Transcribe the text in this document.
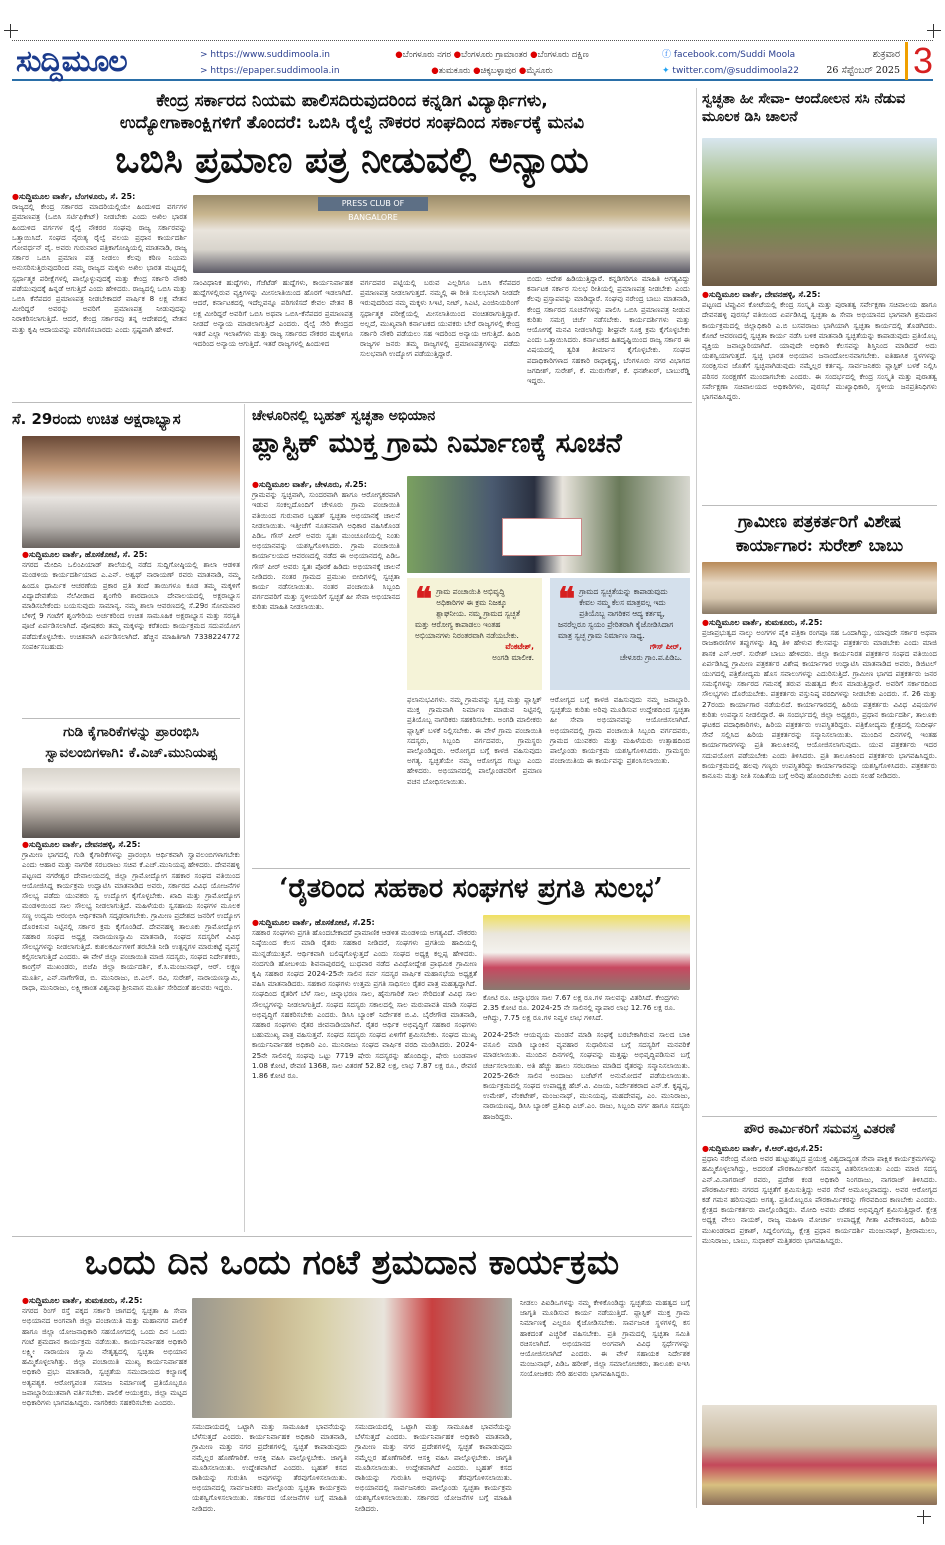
ಸುದ್ದಿಮೂಲ	> https://www.suddimoola.in
> https://epaper.suddimoola.in
●ಬೆಂಗಳೂರು ನಗರ ●ಬೆಂಗಳೂರು ಗ್ರಾಮಾಂತರ ●ಬೆಂಗಳೂರು ದಕ್ಷಿಣ
●ತುಮಕೂರು ●ಚಿಕ್ಕಬಳ್ಳಾಪುರ ●ಮೈಸೂರು
ⓕ facebook.com/Suddi Moola
✦ twitter.com/@suddimoola22
ಶುಕ್ರವಾರ
26 ಸೆಪ್ಟೆಂಬರ್ 2025 3
ಕೇಂದ್ರ ಸರ್ಕಾರದ ನಿಯಮ ಪಾಲಿಸದಿರುವುದರಿಂದ ಕನ್ನಡಿಗ ವಿದ್ಯಾರ್ಥಿಗಳು,
ಉದ್ಯೋಗಾಕಾಂಕ್ಷಿಗಳಿಗೆ ತೊಂದರೆ: ಒಬಿಸಿ ರೈಲ್ವೆ ನೌಕರರ ಸಂಘದಿಂದ ಸರ್ಕಾರಕ್ಕೆ ಮನವಿ
ಒಬಿಸಿ ಪ್ರಮಾಣ ಪತ್ರ ನೀಡುವಲ್ಲಿ ಅನ್ಯಾಯ
●ಸುದ್ದಿಮೂಲ ವಾರ್ತೆ, ಬೆಂಗಳೂರು, ಸೆ. 25:
ರಾಜ್ಯದಲ್ಲಿ ಕೇಂದ್ರ ಸರ್ಕಾರದ ಮಾದರಿಯಲ್ಲಿಯೇ ಹಿಂದುಳಿದ ವರ್ಗಗಳ ಪ್ರಮಾಣಪತ್ರ (ಒಬಿಸಿ ಸರ್ಟಿಫಿಕೇಟ್) ನೀಡಬೇಕು ಎಂದು ಅಖಿಲ ಭಾರತ ಹಿಂದುಳಿದ ವರ್ಗಗಳ ರೈಲ್ವೆ ನೌಕರರ ಸಂಘವು ರಾಜ್ಯ ಸರ್ಕಾರವನ್ನು ಒತ್ತಾಯಿಸಿದೆ. ಸಂಘದ ನೈರುತ್ಯ ರೈಲ್ವೆ ವಲಯ ಪ್ರಧಾನ ಕಾರ್ಯದರ್ಶಿ ಗೋವರ್ಧನ್ ವೈ. ಅವರು ಗುರುವಾರ ಪತ್ರಿಕಾಗೋಷ್ಠಿಯಲ್ಲಿ ಮಾತನಾಡಿ, ರಾಜ್ಯ ಸರ್ಕಾರ ಒಬಿಸಿ ಪ್ರಮಾಣ ಪತ್ರ ನೀಡಲು ಕೆಲವು ಕಠಿಣ ನಿಯಮ ಅನುಸರಿಸುತ್ತಿರುವುದರಿಂದ ನಮ್ಮ ರಾಜ್ಯದ ಮಕ್ಕಳು ಅಖಿಲ ಭಾರತ ಮಟ್ಟದಲ್ಲಿ ಸ್ಪರ್ಧಾತ್ಮಕ ಪರೀಕ್ಷೆಗಳಲ್ಲಿ ಪಾಲ್ಗೊಳ್ಳುವುದಕ್ಕೆ ಮತ್ತು ಕೇಂದ್ರ ಸರ್ಕಾರಿ ನೌಕರಿ ಪಡೆಯುವುದಕ್ಕೆ ಹಿನ್ನಡೆ ಆಗುತ್ತಿದೆ ಎಂದು ಹೇಳಿದರು. ರಾಜ್ಯದಲ್ಲಿ ಒಬಿಸಿ ಮತ್ತು ಒಬಿಸಿ ಕೆನೆಪದರ ಪ್ರಮಾಣಪತ್ರ ನೀಡಬೇಕಾದರೆ ವಾರ್ಷಿಕ 8 ಲಕ್ಷ ವೇತನ ಮೀರಿದ್ದರೆ ಅವರನ್ನು ಅವರಿಗೆ ಪ್ರಮಾಣಪತ್ರ ನೀಡುವುದನ್ನು ನಿರಾಕರಿಸಲಾಗುತ್ತಿದೆ. ಆದರೆ, ಕೇಂದ್ರ ಸರ್ಕಾರವು ತನ್ನ ಆದೇಶದಲ್ಲಿ ವೇತನ ಮತ್ತು ಕೃಷಿ ಆದಾಯವನ್ನು ಪರಿಗಣಿಸಬಾರದು ಎಂದು ಸ್ಪಷ್ಟವಾಗಿ ಹೇಳಿದೆ.
PRESS CLUB OF BANGALORE
ಸಾಂವಿಧಾನಿಕ ಹುದ್ದೆಗಳು, ಗೆಜೆಟೆಡ್ ಹುದ್ದೆಗಳು, ಕಾರ್ಯನಿರ್ವಾಹಕ ಹುದ್ದೆಗಳಲ್ಲಿರುವ ವ್ಯಕ್ತಿಗಳನ್ನು ಮೀಸಲಾತಿಯಿಂದ ಹೊರಗೆ ಇಡಲಾಗಿದೆ. ಆದರೆ, ಕರ್ನಾಟಕದಲ್ಲಿ ಇದೆಲ್ಲವನ್ನೂ ಪರಿಗಣಿಸದೆ ಕೇವಲ ವೇತನ 8 ಲಕ್ಷ ಮೀರಿದ್ದರೆ ಅವರಿಗೆ ಒಬಿಸಿ ಅಥವಾ ಒಬಿಸಿ-ಕೆನೆಪದರ ಪ್ರಮಾಣಪತ್ರ ನೀಡದೆ ಅನ್ಯಾಯ ಮಾಡಲಾಗುತ್ತಿದೆ ಎಂದರು. ರೈಲ್ವೆ ಸೇರಿ ಕೇಂದ್ರದ ಇತರೆ ಎಲ್ಲಾ ಇಲಾಖೆಗಳು ಮತ್ತು ರಾಜ್ಯ ಸರ್ಕಾರದ ನೌಕರರ ಮಕ್ಕಳಿಗೂ ಇದರಿಂದ ಅನ್ಯಾಯ ಆಗುತ್ತಿದೆ. ಇತರೆ ರಾಜ್ಯಗಳಲ್ಲಿ ಹಿಂದುಳಿದ
ವರ್ಗದವರ ಪಟ್ಟಿಯಲ್ಲಿ ಬರುವ ಎಲ್ಲರಿಗೂ ಒಬಿಸಿ ಕೆನೆಪದರ ಪ್ರಮಾಣಪತ್ರ ನೀಡಲಾಗುತ್ತದೆ. ನಮ್ಮಲ್ಲಿ ಈ ರೀತಿ ಸುಲಭವಾಗಿ ನೀಡದೇ ಇರುವುದರಿಂದ ನಮ್ಮ ಮಕ್ಕಳು ಸಿಇಟಿ, ನೀಟ್, ಸಿಎಟಿ, ಎಂಜಿನಿಯರಿಂಗ್ ಸ್ಪರ್ಧಾತ್ಮಕ ಪರೀಕ್ಷೆಯಲ್ಲಿ ಮೀಸಲಾತಿಯಿಂದ ವಂಚಿತರಾಗುತ್ತಿದ್ದಾರೆ. ಅಲ್ಲದೆ, ಮುಖ್ಯವಾಗಿ ಕರ್ನಾಟಕದ ಯುವಕರು ಬೇರೆ ರಾಜ್ಯಗಳಲ್ಲಿ ಕೇಂದ್ರ ಸರ್ಕಾರಿ ನೌಕರಿ ಪಡೆಯಲು ಸಹ ಇದರಿಂದ ಅನ್ಯಾಯ ಆಗುತ್ತಿದೆ. ಹಿಂದಿ ರಾಜ್ಯಗಳ ಜನರು ತಮ್ಮ ರಾಜ್ಯಗಳಲ್ಲಿ ಪ್ರಮಾಣಪತ್ರಗಳನ್ನು ಪಡೆದು ಸುಲಭವಾಗಿ ಉದ್ಯೋಗ ಪಡೆಯುತ್ತಿದ್ದಾರೆ.
ಬಿಂದು ಆದೇಶ ಹಿಡಿಯುತ್ತಿದ್ದಾರೆ. ಕನ್ನಡಿಗರಿಗೂ ಮಾಹಿತಿ ಅಗತ್ಯವಿದ್ದು ಕರ್ನಾಟಕ ಸರ್ಕಾರ ಸುಲಭ ರೀತಿಯಲ್ಲಿ ಪ್ರಮಾಣಪತ್ರ ನೀಡಬೇಕು ಎಂದು ಕೆಲವು ಪ್ರಸ್ತಾಪವನ್ನು ಮಾಡಿದ್ದಾರೆ. ಸಂಘವು ನರೇಂದ್ರ ಬಾಬು ಮಾತನಾಡಿ, ಕೇಂದ್ರ ಸರ್ಕಾರದ ಸೂಚನೆಗಳನ್ನು ಪಾಲಿಸಿ ಒಬಿಸಿ ಪ್ರಮಾಣಪತ್ರ ನೀಡುವ ಕುರಿತು ಸಮಗ್ರ ಚರ್ಚೆ ನಡೆಸಬೇಕು. ಕಾರ್ಯದರ್ಶಿಗಳು ಮತ್ತು ಆಯೋಗಕ್ಕೆ ಮನವಿ ನೀಡಲಾಗಿದ್ದು ಶೀಘ್ರವೇ ಸೂಕ್ತ ಕ್ರಮ ಕೈಗೊಳ್ಳಬೇಕು ಎಂದು ಒತ್ತಾಯಿಸಿದರು. ಕರ್ನಾಟಕದ ಹಿತದೃಷ್ಟಿಯಿಂದ ರಾಜ್ಯ ಸರ್ಕಾರ ಈ ವಿಷಯದಲ್ಲಿ ತ್ವರಿತ ತೀರ್ಮಾನ ಕೈಗೊಳ್ಳಬೇಕು. ಸಂಘದ ಪದಾಧಿಕಾರಿಗಳಾದ ಸಹಕಾರಿ ರಾಧಾಕೃಷ್ಣ, ಬೆಂಗಳೂರು ನಗರ ವಿಭಾಗದ ಜಗದೀಶ್, ಸುರೇಶ್, ಕೆ. ಮುರುಗೇಶ್, ಕೆ. ಧನಶೇಖರ್, ಬಾಬುರೆಡ್ಡಿ ಇದ್ದರು.
ಸ್ವಚ್ಛತಾ ಹೀ ಸೇವಾ- ಆಂದೋಲನ ಸಸಿ ನೆಡುವ ಮೂಲಕ ಡಿಸಿ ಚಾಲನೆ
●ಸುದ್ದಿಮೂಲ ವಾರ್ತೆ, ದೇವನಹಳ್ಳಿ, ಸೆ.25:
ಪಟ್ಟಣದ ಟಿಪ್ಪುವಿನ ಕೋಟೆಯಲ್ಲಿ ಕೇಂದ್ರ ಸಂಸ್ಕೃತಿ ಮತ್ತು ಪುರಾತತ್ವ ಸರ್ವೇಕ್ಷಣಾ ಸಚಿವಾಲಯ ಹಾಗೂ ದೇವನಹಳ್ಳಿ ಪುರಸಭೆ ವತಿಯಿಂದ ಏರ್ಪಡಿಸಿದ್ದ ಸ್ವಚ್ಛತಾ ಹಿ ಸೇವಾ ಅಭಿಯಾನದ ಭಾಗವಾಗಿ ಶ್ರಮದಾನ ಕಾರ್ಯಕ್ರಮದಲ್ಲಿ ಜಿಲ್ಲಾಧಿಕಾರಿ ಎ.ಬಿ ಬಸವರಾಜು ಭಾಗಿಯಾಗಿ ಸ್ವಚ್ಛತಾ ಕಾರ್ಯದಲ್ಲಿ ತೊಡಗಿದರು. ಕೋಟೆ ಆವರಣದಲ್ಲಿ ಸ್ವಚ್ಛತಾ ಕಾರ್ಯ ನಡೆಸಿ ಬಳಿಕ ಮಾತನಾಡಿ ಸ್ವಚ್ಛತೆಯನ್ನು ಕಾಪಾಡುವುದು ಪ್ರತಿಯೊಬ್ಬ ವ್ಯಕ್ತಿಯ ಜವಾಬ್ದಾರಿಯಾಗಿದೆ. ಯಾವುದೇ ಅಧಿಕಾರಿ ಕೆಲಸವನ್ನು ಶಿಸ್ತಿನಿಂದ ಮಾಡಿದರೆ ಅದು ಯಶಸ್ವಿಯಾಗುತ್ತದೆ. ಸ್ವಚ್ಛ ಭಾರತ ಅಭಿಯಾನ ಜನಾಂದೋಲನವಾಗಬೇಕು. ಐತಿಹಾಸಿಕ ಸ್ಥಳಗಳನ್ನು ಸಂರಕ್ಷಿಸುವ ಜೊತೆಗೆ ಸ್ವಚ್ಛವಾಗಿಡುವುದು ನಮ್ಮೆಲ್ಲರ ಕರ್ತವ್ಯ. ಸಾರ್ವಜನಿಕರು ಪ್ಲಾಸ್ಟಿಕ್ ಬಳಕೆ ನಿಲ್ಲಿಸಿ ಪರಿಸರ ಸಂರಕ್ಷಣೆಗೆ ಮುಂದಾಗಬೇಕು ಎಂದರು. ಈ ಸಂದರ್ಭದಲ್ಲಿ ಕೇಂದ್ರ ಸಂಸ್ಕೃತಿ ಮತ್ತು ಪುರಾತತ್ವ ಸರ್ವೇಕ್ಷಣಾ ಸಚಿವಾಲಯದ ಅಧಿಕಾರಿಗಳು, ಪುರಸಭೆ ಮುಖ್ಯಾಧಿಕಾರಿ, ಸ್ಥಳೀಯ ಜನಪ್ರತಿನಿಧಿಗಳು ಭಾಗವಹಿಸಿದ್ದರು.
ಗ್ರಾಮೀಣ ಪತ್ರಕರ್ತರಿಗೆ ವಿಶೇಷ ಕಾರ್ಯಾಗಾರ: ಸುರೇಶ್ ಬಾಬು
●ಸುದ್ದಿಮೂಲ ವಾರ್ತೆ, ತುಮಕೂರು, ಸೆ.25:
ಪ್ರಜಾಪ್ರಭುತ್ವದ ನಾಲ್ಕು ಅಂಗಗಳ ಪೈಕಿ ಪತ್ರಿಕಾ ರಂಗವೂ ಸಹ ಒಂದಾಗಿದ್ದು, ಯಾವುದೇ ಸರ್ಕಾರ ಅಥವಾ ರಾಜಕಾರಣಿಗಳ ತಪ್ಪುಗಳನ್ನು ತಿದ್ದಿ ತಿಳಿ ಹೇಳುವ ಕೆಲಸವನ್ನು ಪತ್ರಕರ್ತರು ಮಾಡಬೇಕು ಎಂದು ಮಾಜಿ ಶಾಸಕ ಎಸ್.ಆರ್. ಸುರೇಶ್ ಬಾಬು ಹೇಳಿದರು. ಜಿಲ್ಲಾ ಕಾರ್ಯನಿರತ ಪತ್ರಕರ್ತರ ಸಂಘದ ವತಿಯಿಂದ ಏರ್ಪಡಿಸಿದ್ದ ಗ್ರಾಮೀಣ ಪತ್ರಕರ್ತರ ವಿಶೇಷ ಕಾರ್ಯಾಗಾರ ಉದ್ಘಾಟಿಸಿ ಮಾತನಾಡಿದ ಅವರು, ಡಿಜಿಟಲ್ ಯುಗದಲ್ಲಿ ಪತ್ರಿಕೋದ್ಯಮ ಹೊಸ ಸವಾಲುಗಳನ್ನು ಎದುರಿಸುತ್ತಿದೆ. ಗ್ರಾಮೀಣ ಭಾಗದ ಪತ್ರಕರ್ತರು ಜನರ ಸಮಸ್ಯೆಗಳನ್ನು ಸರ್ಕಾರದ ಗಮನಕ್ಕೆ ತರುವ ಮಹತ್ವದ ಕೆಲಸ ಮಾಡುತ್ತಿದ್ದಾರೆ. ಅವರಿಗೆ ಸರ್ಕಾರದಿಂದ ಸೌಲಭ್ಯಗಳು ದೊರೆಯಬೇಕು. ಪತ್ರಕರ್ತರು ವಸ್ತುನಿಷ್ಠ ವರದಿಗಳನ್ನು ನೀಡಬೇಕು ಎಂದರು. ಸೆ. 26 ಮತ್ತು 27ರಂದು ಕಾರ್ಯಾಗಾರ ನಡೆಯಲಿದೆ. ಕಾರ್ಯಾಗಾರದಲ್ಲಿ ಹಿರಿಯ ಪತ್ರಕರ್ತರು ವಿವಿಧ ವಿಷಯಗಳ ಕುರಿತು ಉಪನ್ಯಾಸ ನೀಡಲಿದ್ದಾರೆ. ಈ ಸಂದರ್ಭದಲ್ಲಿ ಜಿಲ್ಲಾ ಅಧ್ಯಕ್ಷರು, ಪ್ರಧಾನ ಕಾರ್ಯದರ್ಶಿ, ತಾಲೂಕು ಘಟಕದ ಪದಾಧಿಕಾರಿಗಳು, ಹಿರಿಯ ಪತ್ರಕರ್ತರು ಉಪಸ್ಥಿತರಿದ್ದರು. ಪತ್ರಿಕೋದ್ಯಮ ಕ್ಷೇತ್ರದಲ್ಲಿ ಸುದೀರ್ಘ ಸೇವೆ ಸಲ್ಲಿಸಿದ ಹಿರಿಯ ಪತ್ರಕರ್ತರನ್ನು ಸನ್ಮಾನಿಸಲಾಯಿತು. ಮುಂದಿನ ದಿನಗಳಲ್ಲಿ ಇಂತಹ ಕಾರ್ಯಾಗಾರಗಳನ್ನು ಪ್ರತಿ ತಾಲೂಕಿನಲ್ಲಿ ಆಯೋಜಿಸಲಾಗುವುದು. ಯುವ ಪತ್ರಕರ್ತರು ಇದರ ಸದುಪಯೋಗ ಪಡೆಯಬೇಕು ಎಂದು ತಿಳಿಸಿದರು. ಪ್ರತಿ ತಾಲೂಕಿನಿಂದ ಪತ್ರಕರ್ತರು ಭಾಗವಹಿಸಿದ್ದರು. ಕಾರ್ಯಕ್ರಮದಲ್ಲಿ ಹಲವು ಗಣ್ಯರು ಉಪಸ್ಥಿತರಿದ್ದು ಕಾರ್ಯಾಗಾರವನ್ನು ಯಶಸ್ವಿಗೊಳಿಸಿದರು. ಪತ್ರಕರ್ತರು ಕಾನೂನು ಮತ್ತು ನೀತಿ ಸಂಹಿತೆಯ ಬಗ್ಗೆ ಅರಿವು ಹೊಂದಿರಬೇಕು ಎಂದು ಸಲಹೆ ನೀಡಿದರು.
ಪೌರ ಕಾರ್ಮಿಕರಿಗೆ ಸಮವಸ್ತ್ರ ವಿತರಣೆ
●ಸುದ್ದಿಮೂಲ ವಾರ್ತೆ, ಕೆ.ಆರ್.ಪುರ,ಸೆ.25:
ಪ್ರಧಾನಿ ನರೇಂದ್ರ ಮೋದಿ ಅವರ ಹುಟ್ಟುಹಬ್ಬದ ಪ್ರಯುಕ್ತ ವಿಶ್ವದಾದ್ಯಂತ ಸೇವಾ ಪಾಕ್ಷಿಕ ಕಾರ್ಯಕ್ರಮಗಳನ್ನು ಹಮ್ಮಿಕೊಳ್ಳಲಾಗಿದ್ದು, ಅದರಂತೆ ಪೌರಕಾರ್ಮಿಕರಿಗೆ ಸಮವಸ್ತ್ರ ವಿತರಿಸಲಾಯಿತು ಎಂದು ಮಾಜಿ ಸದಸ್ಯ ಎನ್.ವಿ.ನಾಗರಾಜ್ ರವರು, ಪ್ರದೇಶ ಕಂಡ ಅಧಿಕಾರಿ ನಿಂಗರಾಜು, ನಾಗರಾಜ್ ತಿಳಿಸಿದರು. ಪೌರಕಾರ್ಮಿಕರು ನಗರದ ಸ್ವಚ್ಛತೆಗೆ ಶ್ರಮಿಸುತ್ತಿದ್ದು ಅವರ ಸೇವೆ ಅಮೂಲ್ಯವಾದದ್ದು. ಅವರ ಆರೋಗ್ಯದ ಕಡೆ ಗಮನ ಹರಿಸುವುದು ಅಗತ್ಯ. ಪ್ರತಿಯೊಬ್ಬರೂ ಪೌರಕಾರ್ಮಿಕರನ್ನು ಗೌರವದಿಂದ ಕಾಣಬೇಕು ಎಂದರು. ಕ್ಷೇತ್ರದ ಕಾರ್ಯಕರ್ತರು ಪಾಲ್ಗೊಂಡಿದ್ದರು. ಮೋದಿ ಅವರು ದೇಶದ ಅಭಿವೃದ್ಧಿಗೆ ಶ್ರಮಿಸುತ್ತಿದ್ದಾರೆ. ಕ್ಷೇತ್ರ ಅಧ್ಯಕ್ಷ ವೇಲು ನಾಯಕ್, ರಾಜ್ಯ ಮಹಿಳಾ ಮೋರ್ಚಾ ಉಪಾಧ್ಯಕ್ಷೆ ಗೀತಾ ವಿವೇಕಾನಂದ, ಹಿರಿಯ ಮುಖಂಡರಾದ ಪ್ರಕಾಶ್, ಸಿದ್ದಲಿಂಗಯ್ಯ, ಕ್ಷೇತ್ರ ಪ್ರಧಾನ ಕಾರ್ಯದರ್ಶಿ ಮಂಜುನಾಥ್, ಶ್ರೀರಾಮುಲು, ಮುನಿರಾಜು, ಬಾಬು, ಸುಧಾಕರ್ ಮತ್ತಿತರರು ಭಾಗವಹಿಸಿದ್ದರು.
ಸೆ. 29ರಂದು ಉಚಿತ ಅಕ್ಷರಾಭ್ಯಾಸ
●ಸುದ್ದಿಮೂಲ ವಾರ್ತೆ, ಹೊಸಕೋಟೆ, ಸೆ. 25:
ನಗರದ ಮೇದಿನಿ ಒಲಿಂಪಿಯಾಡ್ ಶಾಲೆಯಲ್ಲಿ ನಡೆದ ಸುದ್ದಿಗೋಷ್ಠಿಯಲ್ಲಿ ಶಾಲಾ ಆಡಳಿತ ಮಂಡಳಿಯ ಕಾರ್ಯದರ್ಶಿಯಾದ ಎ.ಎನ್. ಅಶ್ವಥ್ ನಾರಾಯಣ್ ರವರು ಮಾತನಾಡಿ, ನಮ್ಮ ಹಿಂದೂ ಧಾರ್ಮಿಕ ಆಚರಣೆಯ ಪ್ರಕಾರ ಪ್ರತಿ ತಂದೆ ತಾಯಿಗಳೂ ಕೂಡ ತಮ್ಮ ಮಕ್ಕಳಿಗೆ ವಿದ್ಯಾದೇವತೆಯ ನೆಲೆವೀಡಾದ ಶೃಂಗೇರಿ ಶಾರದಾಂಬಾ ದೇವಾಲಯದಲ್ಲಿ ಅಕ್ಷರಾಭ್ಯಾಸ ಮಾಡಿಸಬೇಕೆಂದು ಬಯಸುವುದು ಸಾಮಾನ್ಯ. ನಮ್ಮ ಶಾಲಾ ಆವರಣದಲ್ಲಿ ಸೆ.29ರ ಸೋಮವಾರ ಬೆಳಿಗ್ಗೆ 9 ಗಂಟೆಗೆ ಶೃಂಗೇರಿಯ ಅರ್ಚಕರಿಂದ ಉಚಿತ ಸಾಮೂಹಿಕ ಅಕ್ಷರಾಭ್ಯಾಸ ಮತ್ತು ಸರಸ್ವತಿ ಪೂಜೆ ಏರ್ಪಡಿಸಲಾಗಿದೆ. ಪೋಷಕರು ತಮ್ಮ ಮಕ್ಕಳನ್ನು ಕರೆತಂದು ಕಾರ್ಯಕ್ರಮದ ಸದುಪಯೋಗ ಪಡೆದುಕೊಳ್ಳಬೇಕು. ಉಚಿತವಾಗಿ ಏರ್ಪಡಿಸಲಾಗಿದೆ. ಹೆಚ್ಚಿನ ಮಾಹಿತಿಗಾಗಿ 7338224772 ಸಂಪರ್ಕಿಸಬಹುದು
ಗುಡಿ ಕೈಗಾರಿಕೆಗಳನ್ನು ಪ್ರಾರಂಭಿಸಿ ಸ್ವಾವಲಂಬಿಗಳಾಗಿ: ಕೆ.ಎಚ್.ಮುನಿಯಪ್ಪ
●ಸುದ್ದಿಮೂಲ ವಾರ್ತೆ, ದೇವನಹಳ್ಳಿ, ಸೆ.25:
ಗ್ರಾಮೀಣ ಭಾಗದಲ್ಲಿ ಗುಡಿ ಕೈಗಾರಿಕೆಗಳನ್ನು ಪ್ರಾರಂಭಿಸಿ ಆರ್ಥಿಕವಾಗಿ ಸ್ವಾವಲಂಬಿಗಳಾಗಬೇಕು ಎಂದು ಆಹಾರ ಮತ್ತು ನಾಗರಿಕ ಸರಬರಾಜು ಸಚಿವ ಕೆ.ಎಚ್.ಮುನಿಯಪ್ಪ ಹೇಳಿದರು. ದೇವನಹಳ್ಳಿ ಪಟ್ಟಣದ ನಗರೇಶ್ವರ ದೇವಾಲಯದಲ್ಲಿ ಜಿಲ್ಲಾ ಗ್ರಾಮೋದ್ಯೋಗ ಸಹಕಾರ ಸಂಘದ ವತಿಯಿಂದ ಆಯೋಜಿಸಿದ್ದ ಕಾರ್ಯಕ್ರಮ ಉದ್ಘಾಟಿಸಿ ಮಾತನಾಡಿದ ಅವರು, ಸರ್ಕಾರದ ವಿವಿಧ ಯೋಜನೆಗಳ ಸೌಲಭ್ಯ ಪಡೆದು ಯುವಕರು ಸ್ವ ಉದ್ಯೋಗ ಕೈಗೊಳ್ಳಬೇಕು. ಖಾದಿ ಮತ್ತು ಗ್ರಾಮೋದ್ಯೋಗ ಮಂಡಳಿಯಿಂದ ಸಾಲ ಸೌಲಭ್ಯ ನೀಡಲಾಗುತ್ತಿದೆ. ಮಹಿಳೆಯರು ಸ್ವಸಹಾಯ ಸಂಘಗಳ ಮೂಲಕ ಸಣ್ಣ ಉದ್ಯಮ ಆರಂಭಿಸಿ ಆರ್ಥಿಕವಾಗಿ ಸದೃಢರಾಗಬೇಕು. ಗ್ರಾಮೀಣ ಪ್ರದೇಶದ ಜನರಿಗೆ ಉದ್ಯೋಗ ದೊರಕಿಸುವ ನಿಟ್ಟಿನಲ್ಲಿ ಸರ್ಕಾರ ಕ್ರಮ ಕೈಗೊಂಡಿದೆ. ದೇವನಹಳ್ಳಿ ತಾಲೂಕು ಗ್ರಾಮೋದ್ಯೋಗ ಸಹಕಾರ ಸಂಘದ ಅಧ್ಯಕ್ಷ ನಾರಾಯಣಸ್ವಾಮಿ ಮಾತನಾಡಿ, ಸಂಘದ ಸದಸ್ಯರಿಗೆ ವಿವಿಧ ಸೌಲಭ್ಯಗಳನ್ನು ನೀಡಲಾಗುತ್ತಿದೆ. ಕುಶಲಕರ್ಮಿಗಳಿಗೆ ತರಬೇತಿ ನೀಡಿ ಉತ್ಪನ್ನಗಳ ಮಾರುಕಟ್ಟೆ ವ್ಯವಸ್ಥೆ ಕಲ್ಪಿಸಲಾಗುತ್ತಿದೆ ಎಂದರು. ಈ ವೇಳೆ ಜಿಲ್ಲಾ ಪಂಚಾಯಿತಿ ಮಾಜಿ ಸದಸ್ಯರು, ಸಂಘದ ನಿರ್ದೇಶಕರು, ಕಾಂಗ್ರೆಸ್ ಮುಖಂಡರು, ಬಿಜೆಪಿ ಜಿಲ್ಲಾ ಕಾರ್ಯದರ್ಶಿ, ಕೆ.ಸಿ.ಮಂಜುನಾಥ್, ಆರ್. ಲಕ್ಷ್ಮಣ ಮೂರ್ತಿ, ಎನ್.ನಾಗೇಗೌಡ, ಬಿ. ಮುನಿರಾಜು, ಬಿ.ಎಲ್. ರವಿ, ಸುರೇಶ್, ನಾರಾಯಣಸ್ವಾಮಿ, ರಾಧಾ, ಮುನಿರಾಜು, ಲಕ್ಷ್ಮೀಕಾಂತ ವಿಶ್ವನಾಥ ಶ್ರೀನಿವಾಸ ಮೂರ್ತಿ ಸೇರಿದಂತೆ ಹಲವರು ಇದ್ದರು.
ಚೇಳೂರಿನಲ್ಲಿ ಬೃಹತ್ ಸ್ವಚ್ಛತಾ ಅಭಿಯಾನ
ಪ್ಲಾಸ್ಟಿಕ್ ಮುಕ್ತ ಗ್ರಾಮ ನಿರ್ಮಾಣಕ್ಕೆ ಸೂಚನೆ
●ಸುದ್ದಿಮೂಲ ವಾರ್ತೆ, ಚೇಳೂರು, ಸೆ.25:
ಗ್ರಾಮವನ್ನು ಸ್ವಚ್ಛವಾಗಿ, ಸುಂದರವಾಗಿ ಹಾಗೂ ಆರೋಗ್ಯಕರವಾಗಿ ಇಡುವ ಸಂಕಲ್ಪದೊಂದಿಗೆ ಚೇಳೂರು ಗ್ರಾಮ ಪಂಚಾಯಿತಿ ವತಿಯಿಂದ ಗುರುವಾರ ಬೃಹತ್ ಸ್ವಚ್ಛತಾ ಅಭಿಯಾನಕ್ಕೆ ಚಾಲನೆ ನೀಡಲಾಯಿತು. ಇತ್ತೀಚೆಗೆ ನೂತನವಾಗಿ ಅಧಿಕಾರ ವಹಿಸಿಕೊಂಡ ಪಿಡಿಒ ಗೌಸ್ ಪೀರ್ ಅವರು ಸ್ವತಃ ಮುಂಚೂಣಿಯಲ್ಲಿ ನಿಂತು ಅಭಿಯಾನವನ್ನು ಯಶಸ್ವಿಗೊಳಿಸಿದರು. ಗ್ರಾಮ ಪಂಚಾಯಿತಿ ಕಾರ್ಯಾಲಯದ ಆವರಣದಲ್ಲಿ ನಡೆದ ಈ ಅಭಿಯಾನದಲ್ಲಿ ಪಿಡಿಒ ಗೌಸ್ ಪೀರ್ ಅವರು ಸ್ವತಃ ಪೊರಕೆ ಹಿಡಿದು ಅಭಿಯಾನಕ್ಕೆ ಚಾಲನೆ ನೀಡಿದರು. ನಂತರ ಗ್ರಾಮದ ಪ್ರಮುಖ ಬೀದಿಗಳಲ್ಲಿ ಸ್ವಚ್ಛತಾ ಕಾರ್ಯ ನಡೆಸಲಾಯಿತು. ನಂತರ ಪಂಚಾಯಿತಿ ಸಿಬ್ಬಂದಿ ವರ್ಗದವರಿಗೆ ಮತ್ತು ಸ್ಥಳೀಯರಿಗೆ ಸ್ವಚ್ಛತೆ ಹೀ ಸೇವಾ ಅಭಿಯಾನದ ಕುರಿತು ಮಾಹಿತಿ ನೀಡಲಾಯಿತು.	❝ ಗ್ರಾಮ ಪಂಚಾಯಿತಿ ಅಭಿವೃದ್ಧಿ ಅಧಿಕಾರಿಗಳ ಈ ಕ್ರಮ ನಿಜಕ್ಕೂ ಶ್ಲಾಘನೀಯ. ನಮ್ಮ ಗ್ರಾಮದ ಸ್ವಚ್ಛತೆ ಮತ್ತು ಆರೋಗ್ಯ ಕಾಪಾಡಲು ಇಂತಹ ಅಭಿಯಾನಗಳು ನಿರಂತರವಾಗಿ ನಡೆಯಬೇಕು.
ವೆಂಕಟೇಶ್,
ಅಂಗಡಿ ಮಾಲೀಕ.
❝ ಗ್ರಾಮದ ಸ್ವಚ್ಛತೆಯನ್ನು ಕಾಪಾಡುವುದು ಕೇವಲ ನಮ್ಮ ಕೆಲಸ ಮಾತ್ರವಲ್ಲ ಇದು ಪ್ರತಿಯೊಬ್ಬ ನಾಗರಿಕನ ಆದ್ಯ ಕರ್ತವ್ಯ, ಜನರೆಲ್ಲರೂ ಸ್ವಯಂ ಪ್ರೇರಿತರಾಗಿ ಕೈಜೋಡಿಸಿದಾಗ ಮಾತ್ರ ಸ್ವಚ್ಛ ಗ್ರಾಮ ನಿರ್ಮಾಣ ಸಾಧ್ಯ.
ಗೌಸ್ ಪೀರ್,
ಚೇಳೂರು ಗ್ರಾಂ.ಪ.ಪಿಡಿಒ.
ಫಲಾನುಭವಿಗಳು. ನಮ್ಮ ಗ್ರಾಮವನ್ನು ಸ್ವಚ್ಛ ಮತ್ತು ಪ್ಲಾಸ್ಟಿಕ್ ಮುಕ್ತ ಗ್ರಾಮವಾಗಿ ನಿರ್ಮಾಣ ಮಾಡುವ ನಿಟ್ಟಿನಲ್ಲಿ ಪ್ರತಿಯೊಬ್ಬ ನಾಗರಿಕರು ಸಹಕರಿಸಬೇಕು. ಅಂಗಡಿ ಮಾಲೀಕರು ಪ್ಲಾಸ್ಟಿಕ್ ಬಳಕೆ ನಿಲ್ಲಿಸಬೇಕು. ಈ ವೇಳೆ ಗ್ರಾಮ ಪಂಚಾಯಿತಿ ಸದಸ್ಯರು, ಸಿಬ್ಬಂದಿ ವರ್ಗದವರು, ಗ್ರಾಮಸ್ಥರು ಪಾಲ್ಗೊಂಡಿದ್ದರು. ಆರೋಗ್ಯದ ಬಗ್ಗೆ ಕಾಳಜಿ ವಹಿಸುವುದು ಅಗತ್ಯ. ಸ್ವಚ್ಛತೆಯೇ ನಮ್ಮ ಆರೋಗ್ಯದ ಗುಟ್ಟು ಎಂದು ಹೇಳಿದರು. ಅಭಿಯಾನದಲ್ಲಿ ಪಾಲ್ಗೊಂಡವರಿಗೆ ಪ್ರಮಾಣ ವಚನ ಬೋಧಿಸಲಾಯಿತು.
ಆರೋಗ್ಯದ ಬಗ್ಗೆ ಕಾಳಜಿ ವಹಿಸುವುದು ನಮ್ಮ ಜವಾಬ್ದಾರಿ. ಸ್ವಚ್ಛತೆಯ ಕುರಿತು ಅರಿವು ಮೂಡಿಸುವ ಉದ್ದೇಶದಿಂದ ಸ್ವಚ್ಛತಾ ಹೀ ಸೇವಾ ಅಭಿಯಾನವನ್ನು ಆಯೋಜಿಸಲಾಗಿದೆ. ಅಭಿಯಾನದಲ್ಲಿ ಗ್ರಾಮ ಪಂಚಾಯಿತಿ ಸಿಬ್ಬಂದಿ ವರ್ಗದವರು, ಗ್ರಾಮದ ಯುವಕರು ಮತ್ತು ಮಹಿಳೆಯರು ಉತ್ಸಾಹದಿಂದ ಪಾಲ್ಗೊಂಡು ಕಾರ್ಯಕ್ರಮ ಯಶಸ್ವಿಗೊಳಿಸಿದರು. ಗ್ರಾಮಸ್ಥರು ಪಂಚಾಯಿತಿಯ ಈ ಕಾರ್ಯವನ್ನು ಪ್ರಶಂಸಿಸಲಾಯಿತು.
‘ರೈತರಿಂದ ಸಹಕಾರ ಸಂಘಗಳ ಪ್ರಗತಿ ಸುಲಭ’
●ಸುದ್ದಿಮೂಲ ವಾರ್ತೆ, ಹೊಸಕೋಟೆ, ಸೆ.25:
ಸಹಕಾರ ಸಂಘಗಳು ಪ್ರಗತಿ ಹೊಂದಬೇಕಾದರೆ ಪ್ರಾಮಾಣಿಕ ಆಡಳಿತ ಮಂಡಳಿಯ ಅಗತ್ಯವಿದೆ. ನೌಕರರು ನಿಷ್ಠೆಯಿಂದ ಕೆಲಸ ಮಾಡಿ ರೈತರು ಸಹಕಾರ ನೀಡಿದರೆ, ಸಂಘಗಳು ಪ್ರಗತಿಯ ಹಾದಿಯಲ್ಲಿ ಮುನ್ನಡೆಯುತ್ತವೆ. ಆರ್ಥಿಕವಾಗಿ ಬಲಿಷ್ಠಗೊಳ್ಳುತ್ತದೆ ಎಂದು ಸಂಘದ ಅಧ್ಯಕ್ಷ ಕಲ್ಲಪ್ಪ ಹೇಳಿದರು. ನಂದಗುಡಿ ಹೋಬಳಿಯ ಶಿವನಾಪುರದಲ್ಲಿ ಬುಧವಾರ ನಡೆದ ವಿವಿಧೋದ್ದೇಶ ಪ್ರಾಥಮಿಕ ಗ್ರಾಮೀಣ ಕೃಷಿ ಸಹಕಾರ ಸಂಘದ 2024-25ನೇ ಸಾಲಿನ ಸರ್ವ ಸದಸ್ಯರ ವಾರ್ಷಿಕ ಮಹಾಸಭೆಯ ಅಧ್ಯಕ್ಷತೆ ವಹಿಸಿ ಮಾತನಾಡಿದರು. ಸಹಕಾರ ಸಂಘಗಳು ಉತ್ತಮ ಪ್ರಗತಿ ಸಾಧಿಸಲು ರೈತರ ಪಾತ್ರ ಮಹತ್ವದ್ದಾಗಿದೆ. ಸಂಘದಿಂದ ರೈತರಿಗೆ ಬೆಳೆ ಸಾಲ, ಚಿನ್ನಾಭರಣ ಸಾಲ, ಹೈನುಗಾರಿಕೆ ಸಾಲ ಸೇರಿದಂತೆ ವಿವಿಧ ಸಾಲ ಸೌಲಭ್ಯಗಳನ್ನು ನೀಡಲಾಗುತ್ತಿದೆ. ಸಂಘದ ಸದಸ್ಯರು ಸಕಾಲದಲ್ಲಿ ಸಾಲ ಮರುಪಾವತಿ ಮಾಡಿ ಸಂಘದ ಅಭಿವೃದ್ಧಿಗೆ ಸಹಕರಿಸಬೇಕು ಎಂದರು. ಡಿಸಿಸಿ ಬ್ಯಾಂಕ್ ನಿರ್ದೇಶಕ ಬಿ.ವಿ. ಬೈರೇಗೌಡ ಮಾತನಾಡಿ, ಸಹಕಾರ ಸಂಘಗಳು ರೈತರ ಜೀವನಾಡಿಯಾಗಿವೆ. ರೈತರ ಆರ್ಥಿಕ ಅಭಿವೃದ್ಧಿಗೆ ಸಹಕಾರ ಸಂಘಗಳು ಬಹುಮುಖ್ಯ ಪಾತ್ರ ವಹಿಸುತ್ತವೆ. ಸಂಘದ ಸದಸ್ಯರು ಸಂಘದ ಏಳಿಗೆಗೆ ಶ್ರಮಿಸಬೇಕು. ಸಂಘದ ಮುಖ್ಯ ಕಾರ್ಯನಿರ್ವಾಹಕ ಅಧಿಕಾರಿ ಎಂ. ಮುನಿರಾಜು ಸಂಘದ ವಾರ್ಷಿಕ ವರದಿ ಮಂಡಿಸಿದರು. 2024-25ನೇ ಸಾಲಿನಲ್ಲಿ ಸಂಘವು ಒಟ್ಟು 7719 ಷೇರು ಸದಸ್ಯರನ್ನು ಹೊಂದಿದ್ದು, ಷೇರು ಬಂಡವಾಳ 1.08 ಕೋಟಿ, ಠೇವಣಿ 1368, ಸಾಲ ವಿತರಣೆ 52.82 ಲಕ್ಷ, ಲಾಭ 7.87 ಲಕ್ಷ ರೂ., ಠೇವಣಿ 1.86 ಕೋಟಿ ರೂ.
ಕೋಟಿ ರೂ. ಚಿನ್ನಾಭರಣ ಸಾಲ 7.67 ಲಕ್ಷ ರೂ.ಗಳ ಸಾಲವನ್ನು ವಿತರಿಸಿದೆ. ಕೇಂದ್ರಗಳು 2.35 ಕೋಟಿ ರೂ. 2024-25 ನೇ ಸಾಲಿನಲ್ಲಿ ವ್ಯಾಪಾರ ಲಾಭ 12.76 ಲಕ್ಷ ರೂ. ಆಗಿದ್ದು, 7.75 ಲಕ್ಷ ರೂ.ಗಳ ನಿವ್ವಳ ಲಾಭ ಗಳಿಸಿದೆ.
2024-25ನೇ ಆಯವ್ಯಯ ಮಂಡನೆ ಮಾಡಿ ಸಂಘಕ್ಕೆ ಬರಬೇಕಾಗಿರುವ ಸಾಲದ ಬಾಕಿ ವಸೂಲಿ ಮಾಡಿ ಬ್ಯಾಂಕಿನ ವ್ಯವಹಾರ ಸುಧಾರಿಸುವ ಬಗ್ಗೆ ಸದಸ್ಯರಿಗೆ ಮನವರಿಕೆ ಮಾಡಲಾಯಿತು. ಮುಂದಿನ ದಿನಗಳಲ್ಲಿ ಸಂಘವನ್ನು ಮತ್ತಷ್ಟು ಅಭಿವೃದ್ಧಿಪಡಿಸುವ ಬಗ್ಗೆ ಚರ್ಚಿಸಲಾಯಿತು. ಅತಿ ಹೆಚ್ಚು ಹಾಲು ಸರಬರಾಜು ಮಾಡಿದ ರೈತರನ್ನು ಸನ್ಮಾನಿಸಲಾಯಿತು. 2025-26ನೇ ಸಾಲಿನ ಅಂದಾಜು ಬಜೆಟ್‌ಗೆ ಅನುಮೋದನೆ ಪಡೆಯಲಾಯಿತು. ಕಾರ್ಯಕ್ರಮದಲ್ಲಿ ಸಂಘದ ಉಪಾಧ್ಯಕ್ಷ ಹೆಚ್.ವಿ. ವಿಜಯ, ನಿರ್ದೇಶಕರಾದ ಎನ್.ಕೆ. ಕೃಷ್ಣಪ್ಪ, ಉಮೇಶ್, ವೆಂಕಟೇಶ್, ಮಂಜುನಾಥ್, ಮುನಿಯಪ್ಪ, ಮಹದೇವಪ್ಪ, ಎಂ. ಮುನಿರಾಜು, ನಾರಾಯಣಪ್ಪ, ಡಿಸಿಸಿ ಬ್ಯಾಂಕ್ ಪ್ರತಿನಿಧಿ ಎಚ್.ಎಂ. ರಾಜು, ಸಿಬ್ಬಂದಿ ವರ್ಗ ಹಾಗೂ ಸದಸ್ಯರು ಹಾಜರಿದ್ದರು.
ಒಂದು ದಿನ ಒಂದು ಗಂಟೆ ಶ್ರಮದಾನ ಕಾರ್ಯಕ್ರಮ
●ಸುದ್ದಿಮೂಲ ವಾರ್ತೆ, ತುಮಕೂರು, ಸೆ.25:
ನಗರದ ರಿಂಗ್ ರಸ್ತೆ ಪಕ್ಕದ ಸರ್ಕಾರಿ ಜಾಗದಲ್ಲಿ ಸ್ವಚ್ಛತಾ ಹಿ ಸೇವಾ ಅಭಿಯಾನದ ಅಂಗವಾಗಿ ಜಿಲ್ಲಾ ಪಂಚಾಯಿತಿ ಮತ್ತು ಮಹಾನಗರ ಪಾಲಿಕೆ ಹಾಗೂ ಜಿಲ್ಲಾ ಯೋಜನಾಧಿಕಾರಿ ಸಹಯೋಗದಲ್ಲಿ ಒಂದು ದಿನ ಒಂದು ಗಂಟೆ ಶ್ರಮದಾನ ಕಾರ್ಯಕ್ರಮ ನಡೆಯಿತು. ಕಾರ್ಯನಿರ್ವಾಹಕ ಅಧಿಕಾರಿ ಲಕ್ಷ್ಮೀ ನಾರಾಯಣ ಸ್ವಾಮಿ ನೇತೃತ್ವದಲ್ಲಿ ಸ್ವಚ್ಛತಾ ಅಭಿಯಾನ ಹಮ್ಮಿಕೊಳ್ಳಲಾಗಿತ್ತು. ಜಿಲ್ಲಾ ಪಂಚಾಯಿತಿ ಮುಖ್ಯ ಕಾರ್ಯನಿರ್ವಾಹಕ ಅಧಿಕಾರಿ ಪ್ರಭು ಮಾತನಾಡಿ, ಸ್ವಚ್ಛತೆಯ ಸಮುದಾಯದ ಕಲ್ಯಾಣಕ್ಕೆ ಅತ್ಯವಶ್ಯಕ. ಆರೋಗ್ಯವಂತ ಸಮಾಜ ನಿರ್ಮಾಣಕ್ಕೆ ಪ್ರತಿಯೊಬ್ಬರೂ ಜವಾಬ್ದಾರಿಯುತವಾಗಿ ವರ್ತಿಸಬೇಕು. ಪಾಲಿಕೆ ಆಯುಕ್ತರು, ಜಿಲ್ಲಾ ಮಟ್ಟದ ಅಧಿಕಾರಿಗಳು ಭಾಗವಹಿಸಿದ್ದರು. ನಾಗರಿಕರು ಸಹಕರಿಸಬೇಕು ಎಂದರು.
ಸಮುದಾಯದಲ್ಲಿ ಒಟ್ಟಾಗಿ ಮತ್ತು ಸಾಮೂಹಿಕ ಭಾವನೆಯನ್ನು ಬೆಳೆಸುತ್ತದೆ ಎಂದರು. ಕಾರ್ಯನಿರ್ವಾಹಕ ಅಧಿಕಾರಿ ಮಾತನಾಡಿ, ಗ್ರಾಮೀಣ ಮತ್ತು ನಗರ ಪ್ರದೇಶಗಳಲ್ಲಿ ಸ್ವಚ್ಛತೆ ಕಾಪಾಡುವುದು ನಮ್ಮೆಲ್ಲರ ಹೊಣೆಗಾರಿಕೆ. ಆಸಕ್ತಿ ವಹಿಸಿ ಪಾಲ್ಗೊಳ್ಳಬೇಕು. ಜಾಗೃತಿ ಮೂಡಿಸಲಾಯಿತು. ಉದ್ದೇಶವಾಗಿದೆ ಎಂದರು. ಬೃಹತ್ ಕಸದ ರಾಶಿಯನ್ನು ಗುರುತಿಸಿ ಅವುಗಳನ್ನು ತೆರವುಗೊಳಿಸಲಾಯಿತು. ಅಭಿಯಾನದಲ್ಲಿ ಸಾರ್ವಜನಿಕರು ಪಾಲ್ಗೊಂಡು ಸ್ವಚ್ಛತಾ ಕಾರ್ಯಕ್ರಮ ಯಶಸ್ವಿಗೊಳಿಸಲಾಯಿತು. ಸರ್ಕಾರದ ಯೋಜನೆಗಳ ಬಗ್ಗೆ ಮಾಹಿತಿ ನೀಡಿದರು.
ಸಮುದಾಯದಲ್ಲಿ ಒಟ್ಟಾಗಿ ಮತ್ತು ಸಾಮೂಹಿಕ ಭಾವನೆಯನ್ನು ಬೆಳೆಸುತ್ತದೆ ಎಂದರು. ಕಾರ್ಯನಿರ್ವಾಹಕ ಅಧಿಕಾರಿ ಮಾತನಾಡಿ, ಗ್ರಾಮೀಣ ಮತ್ತು ನಗರ ಪ್ರದೇಶಗಳಲ್ಲಿ ಸ್ವಚ್ಛತೆ ಕಾಪಾಡುವುದು ನಮ್ಮೆಲ್ಲರ ಹೊಣೆಗಾರಿಕೆ. ಆಸಕ್ತಿ ವಹಿಸಿ ಪಾಲ್ಗೊಳ್ಳಬೇಕು. ಜಾಗೃತಿ ಮೂಡಿಸಲಾಯಿತು. ಉದ್ದೇಶವಾಗಿದೆ ಎಂದರು. ಬೃಹತ್ ಕಸದ ರಾಶಿಯನ್ನು ಗುರುತಿಸಿ ಅವುಗಳನ್ನು ತೆರವುಗೊಳಿಸಲಾಯಿತು. ಅಭಿಯಾನದಲ್ಲಿ ಸಾರ್ವಜನಿಕರು ಪಾಲ್ಗೊಂಡು ಸ್ವಚ್ಛತಾ ಕಾರ್ಯಕ್ರಮ ಯಶಸ್ವಿಗೊಳಿಸಲಾಯಿತು. ಸರ್ಕಾರದ ಯೋಜನೆಗಳ ಬಗ್ಗೆ ಮಾಹಿತಿ ನೀಡಿದರು.
ನೀಡಲು ಪಿಐಡಿಒಗಳನ್ನು ನಮ್ಮ ಕೇಳಿಕೊಂಡಿದ್ದು ಸ್ವಚ್ಛತೆಯ ಮಹತ್ವದ ಬಗ್ಗೆ ಜಾಗೃತಿ ಮೂಡಿಸುವ ಕಾರ್ಯ ನಡೆಯುತ್ತಿದೆ. ಪ್ಲಾಸ್ಟಿಕ್ ಮುಕ್ತ ಗ್ರಾಮ ನಿರ್ಮಾಣಕ್ಕೆ ಎಲ್ಲರೂ ಕೈಜೋಡಿಸಬೇಕು. ಸಾರ್ವಜನಿಕ ಸ್ಥಳಗಳಲ್ಲಿ ಕಸ ಹಾಕದಂತೆ ಎಚ್ಚರಿಕೆ ವಹಿಸಬೇಕು. ಪ್ರತಿ ಗ್ರಾಮದಲ್ಲಿ ಸ್ವಚ್ಛತಾ ಸಮಿತಿ ರಚಿಸಲಾಗಿದೆ. ಅಭಿಯಾನದ ಅಂಗವಾಗಿ ವಿವಿಧ ಸ್ಪರ್ಧೆಗಳನ್ನು ಆಯೋಜಿಸಲಾಗಿದೆ ಎಂದರು. ಈ ವೇಳೆ ಸಹಾಯಕ ನಿರ್ದೇಶಕ ಮಂಜುನಾಥ್, ಪಿಡಿಒ ಹರೀಶ್, ಜಿಲ್ಲಾ ಸಮಾಲೋಚಕರು, ತಾಲೂಕು ಐಇಸಿ ಸಂಯೋಜಕರು ಸೇರಿ ಹಲವರು ಭಾಗವಹಿಸಿದ್ದರು.
